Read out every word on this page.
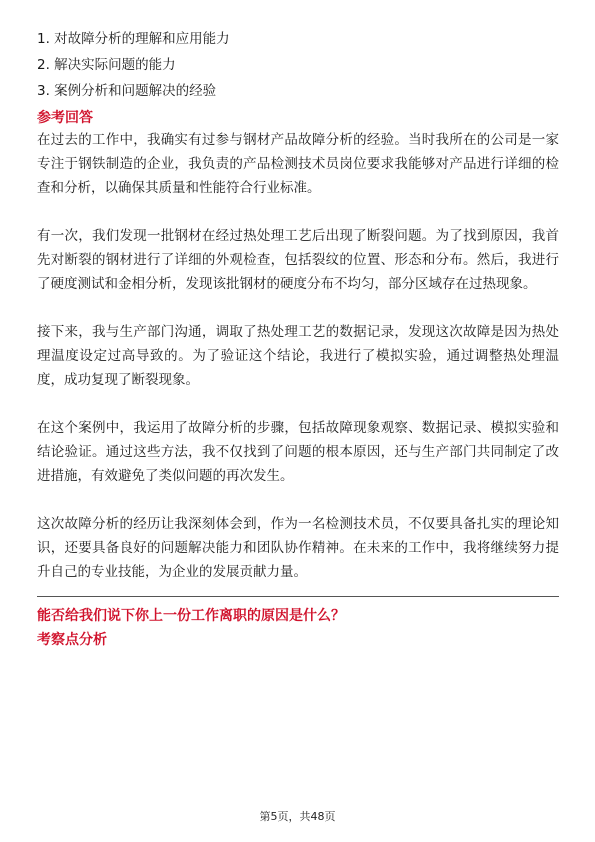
1. 对故障分析的理解和应用能力
2. 解决实际问题的能力
3. 案例分析和问题解决的经验
参考回答

在过去的工作中，我确实有过参与钢材产品故障分析的经验。当时我所在的公司是一家专注于钢铁制造的企业，我负责的产品检测技术员岗位要求我能够对产品进行详细的检查和分析，以确保其质量和性能符合行业标准。

有一次，我们发现一批钢材在经过热处理工艺后出现了断裂问题。为了找到原因，我首先对断裂的钢材进行了详细的外观检查，包括裂纹的位置、形态和分布。然后，我进行了硬度测试和金相分析，发现该批钢材的硬度分布不均匀，部分区域存在过热现象。

接下来，我与生产部门沟通，调取了热处理工艺的数据记录，发现这次故障是因为热处理温度设定过高导致的。为了验证这个结论，我进行了模拟实验，通过调整热处理温度，成功复现了断裂现象。

在这个案例中，我运用了故障分析的步骤，包括故障现象观察、数据记录、模拟实验和结论验证。通过这些方法，我不仅找到了问题的根本原因，还与生产部门共同制定了改进措施，有效避免了类似问题的再次发生。

这次故障分析的经历让我深刻体会到，作为一名检测技术员，不仅要具备扎实的理论知识，还要具备良好的问题解决能力和团队协作精神。在未来的工作中，我将继续努力提升自己的专业技能，为企业的发展贡献力量。

能否给我们说下你上一份工作离职的原因是什么？
考察点分析
第5页，共48页
